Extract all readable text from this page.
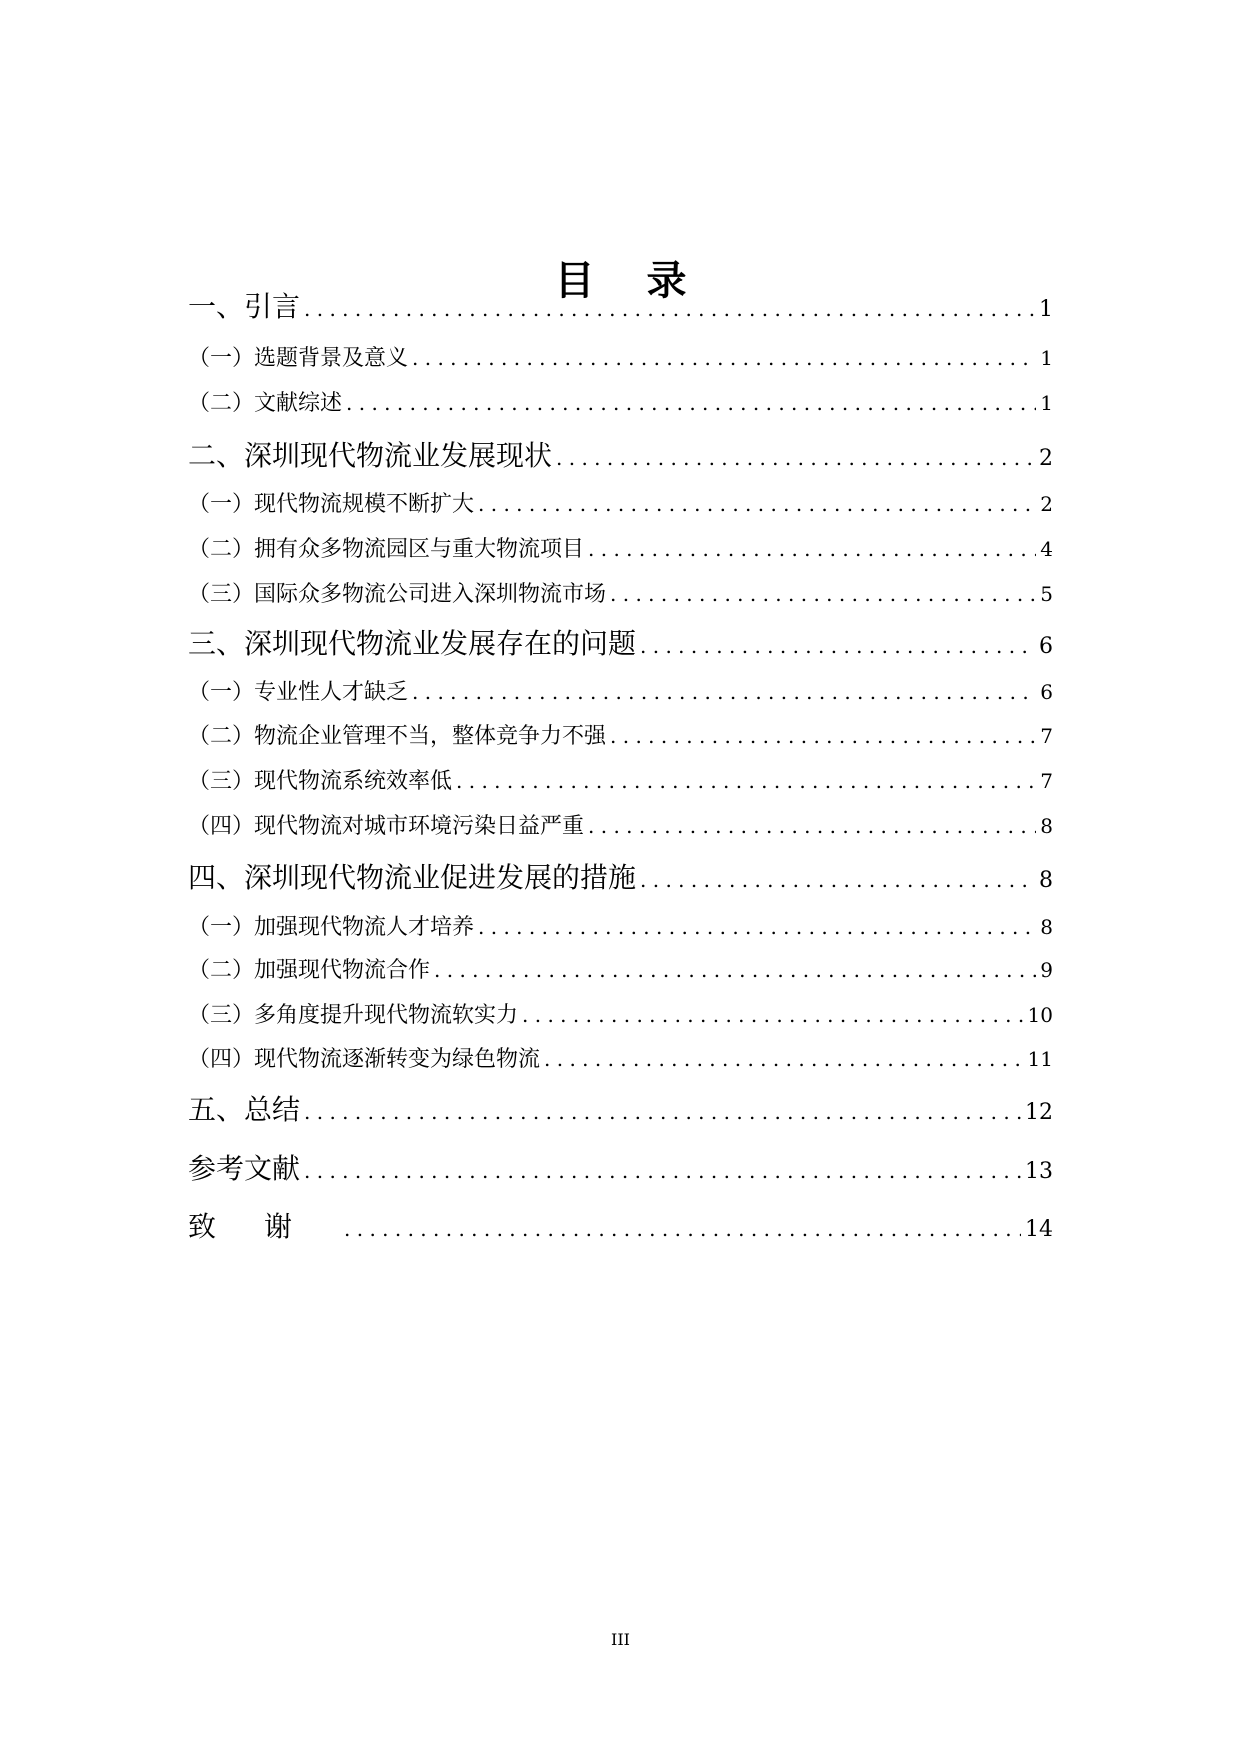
目录
一、引言 . . .	1
（一）选题背景及意义 . . .	1
（二）文献综述 . . .	1
二、深圳现代物流业发展现状 . . .	2
（一）现代物流规模不断扩大 . . .	2
（二）拥有众多物流园区与重大物流项目 . . .	4
（三）国际众多物流公司进入深圳物流市场 . . .	5
三、深圳现代物流业发展存在的问题 . . .	6
（一）专业性人才缺乏 . . .	6
（二）物流企业管理不当，整体竞争力不强 . . .	7
（三）现代物流系统效率低 . . .	7
（四）现代物流对城市环境污染日益严重 . . .	8
四、深圳现代物流业促进发展的措施 . . .	8
（一）加强现代物流人才培养 . . .	8
（二）加强现代物流合作 . . .	9
（三）多角度提升现代物流软实力 . . .	10
（四）现代物流逐渐转变为绿色物流 . . .	11
五、总结 . . .	12
参考文献 . . .	13
致谢 . . .	14
III
